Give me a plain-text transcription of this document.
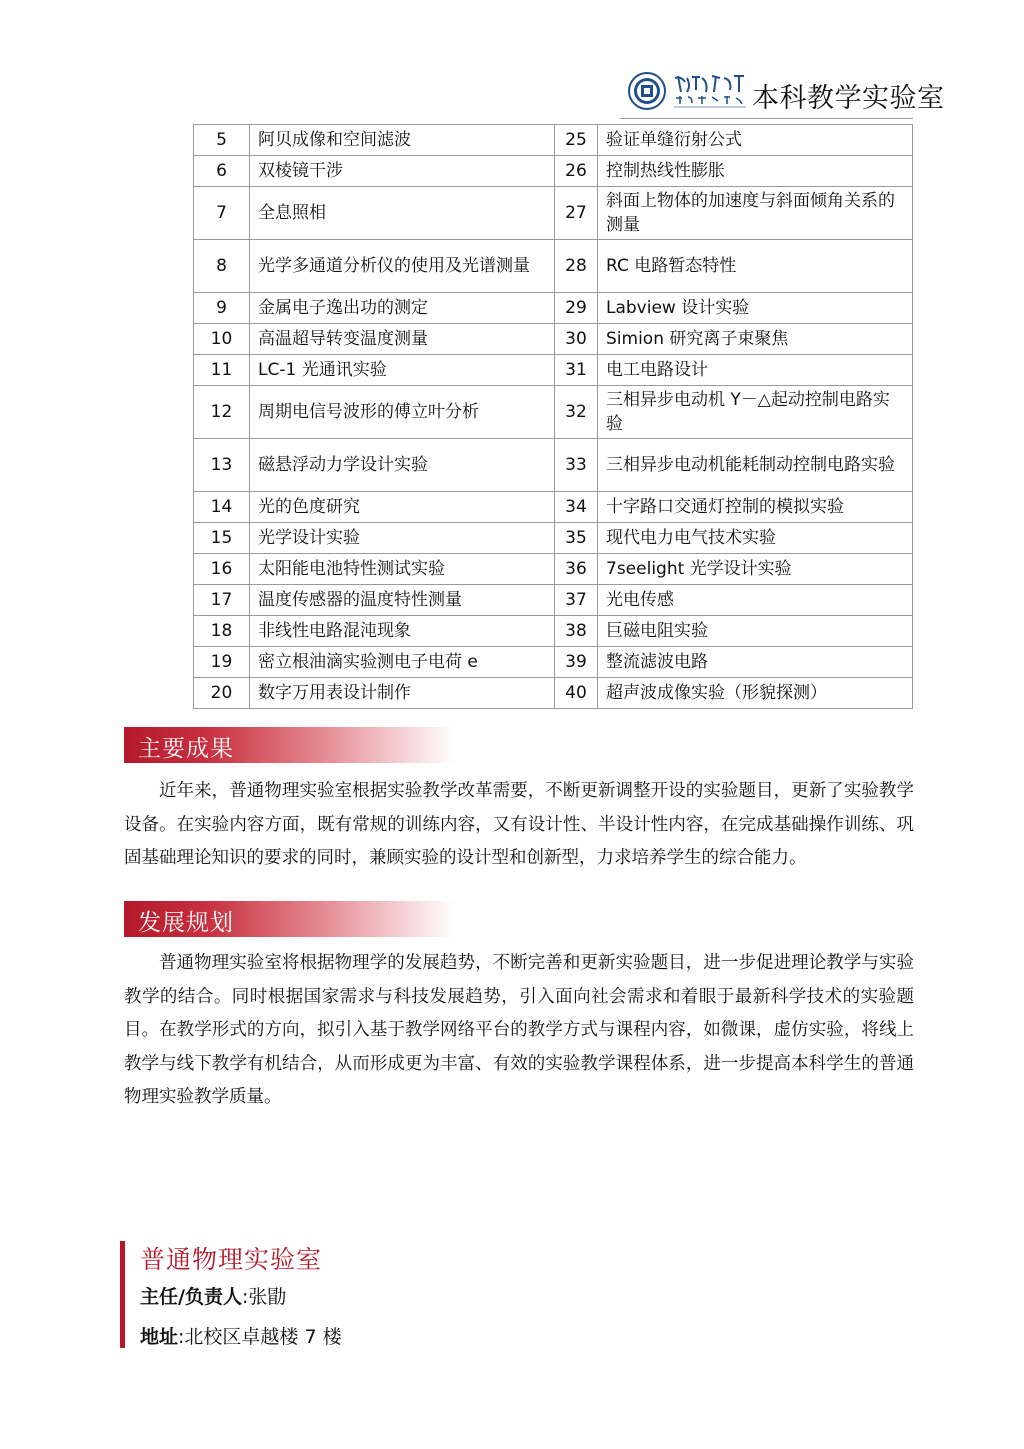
本科教学实验室
5	阿贝成像和空间滤波	25	验证单缝衍射公式
6	双棱镜干涉	26	控制热线性膨胀
7	全息照相	27	斜面上物体的加速度与斜面倾角关系的测量
8	光学多通道分析仪的使用及光谱测量	28	RC 电路暂态特性
9	金属电子逸出功的测定	29	Labview 设计实验
10	高温超导转变温度测量	30	Simion 研究离子束聚焦
11	LC-1 光通讯实验	31	电工电路设计
12	周期电信号波形的傅立叶分析	32	三相异步电动机 Y－△起动控制电路实验
13	磁悬浮动力学设计实验	33	三相异步电动机能耗制动控制电路实验
14	光的色度研究	34	十字路口交通灯控制的模拟实验
15	光学设计实验	35	现代电力电气技术实验
16	太阳能电池特性测试实验	36	7seelight 光学设计实验
17	温度传感器的温度特性测量	37	光电传感
18	非线性电路混沌现象	38	巨磁电阻实验
19	密立根油滴实验测电子电荷 e	39	整流滤波电路
20	数字万用表设计制作	40	超声波成像实验（形貌探测）
主要成果
近年来，普通物理实验室根据实验教学改革需要，不断更新调整开设的实验题目，更新了实验教学设备。在实验内容方面，既有常规的训练内容，又有设计性、半设计性内容，在完成基础操作训练、巩固基础理论知识的要求的同时，兼顾实验的设计型和创新型，力求培养学生的综合能力。
发展规划
普通物理实验室将根据物理学的发展趋势，不断完善和更新实验题目，进一步促进理论教学与实验教学的结合。同时根据国家需求与科技发展趋势，引入面向社会需求和着眼于最新科学技术的实验题目。在教学形式的方向，拟引入基于教学网络平台的教学方式与课程内容，如微课，虚仿实验，将线上教学与线下教学有机结合，从而形成更为丰富、有效的实验教学课程体系，进一步提高本科学生的普通物理实验教学质量。
普通物理实验室
主任/负责人:张勖
地址:北校区卓越楼 7 楼
